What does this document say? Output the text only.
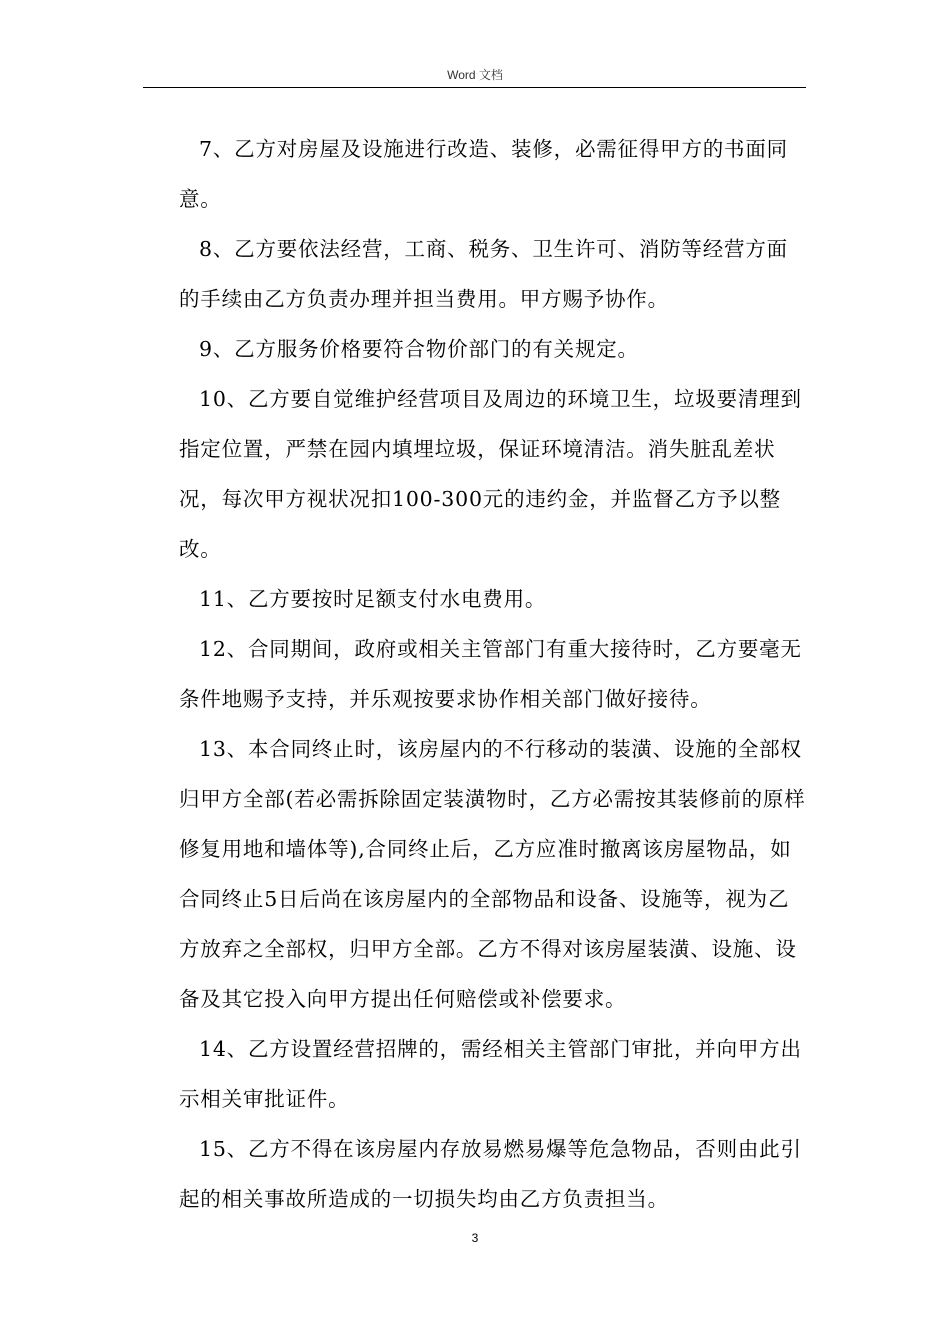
Word 文档

7、乙方对房屋及设施进行改造、装修，必需征得甲方的书面同意。

8、乙方要依法经营，工商、税务、卫生许可、消防等经营方面的手续由乙方负责办理并担当费用。甲方赐予协作。

9、乙方服务价格要符合物价部门的有关规定。

10、乙方要自觉维护经营项目及周边的环境卫生，垃圾要清理到指定位置，严禁在园内填埋垃圾，保证环境清洁。消失脏乱差状况，每次甲方视状况扣100-300元的违约金，并监督乙方予以整改。

11、乙方要按时足额支付水电费用。

12、合同期间，政府或相关主管部门有重大接待时，乙方要毫无条件地赐予支持，并乐观按要求协作相关部门做好接待。

13、本合同终止时，该房屋内的不行移动的装潢、设施的全部权归甲方全部(若必需拆除固定装潢物时，乙方必需按其装修前的原样修复用地和墙体等),合同终止后，乙方应准时撤离该房屋物品，如合同终止5日后尚在该房屋内的全部物品和设备、设施等，视为乙方放弃之全部权，归甲方全部。乙方不得对该房屋装潢、设施、设备及其它投入向甲方提出任何赔偿或补偿要求。

14、乙方设置经营招牌的，需经相关主管部门审批，并向甲方出示相关审批证件。

15、乙方不得在该房屋内存放易燃易爆等危急物品，否则由此引起的相关事故所造成的一切损失均由乙方负责担当。

3
